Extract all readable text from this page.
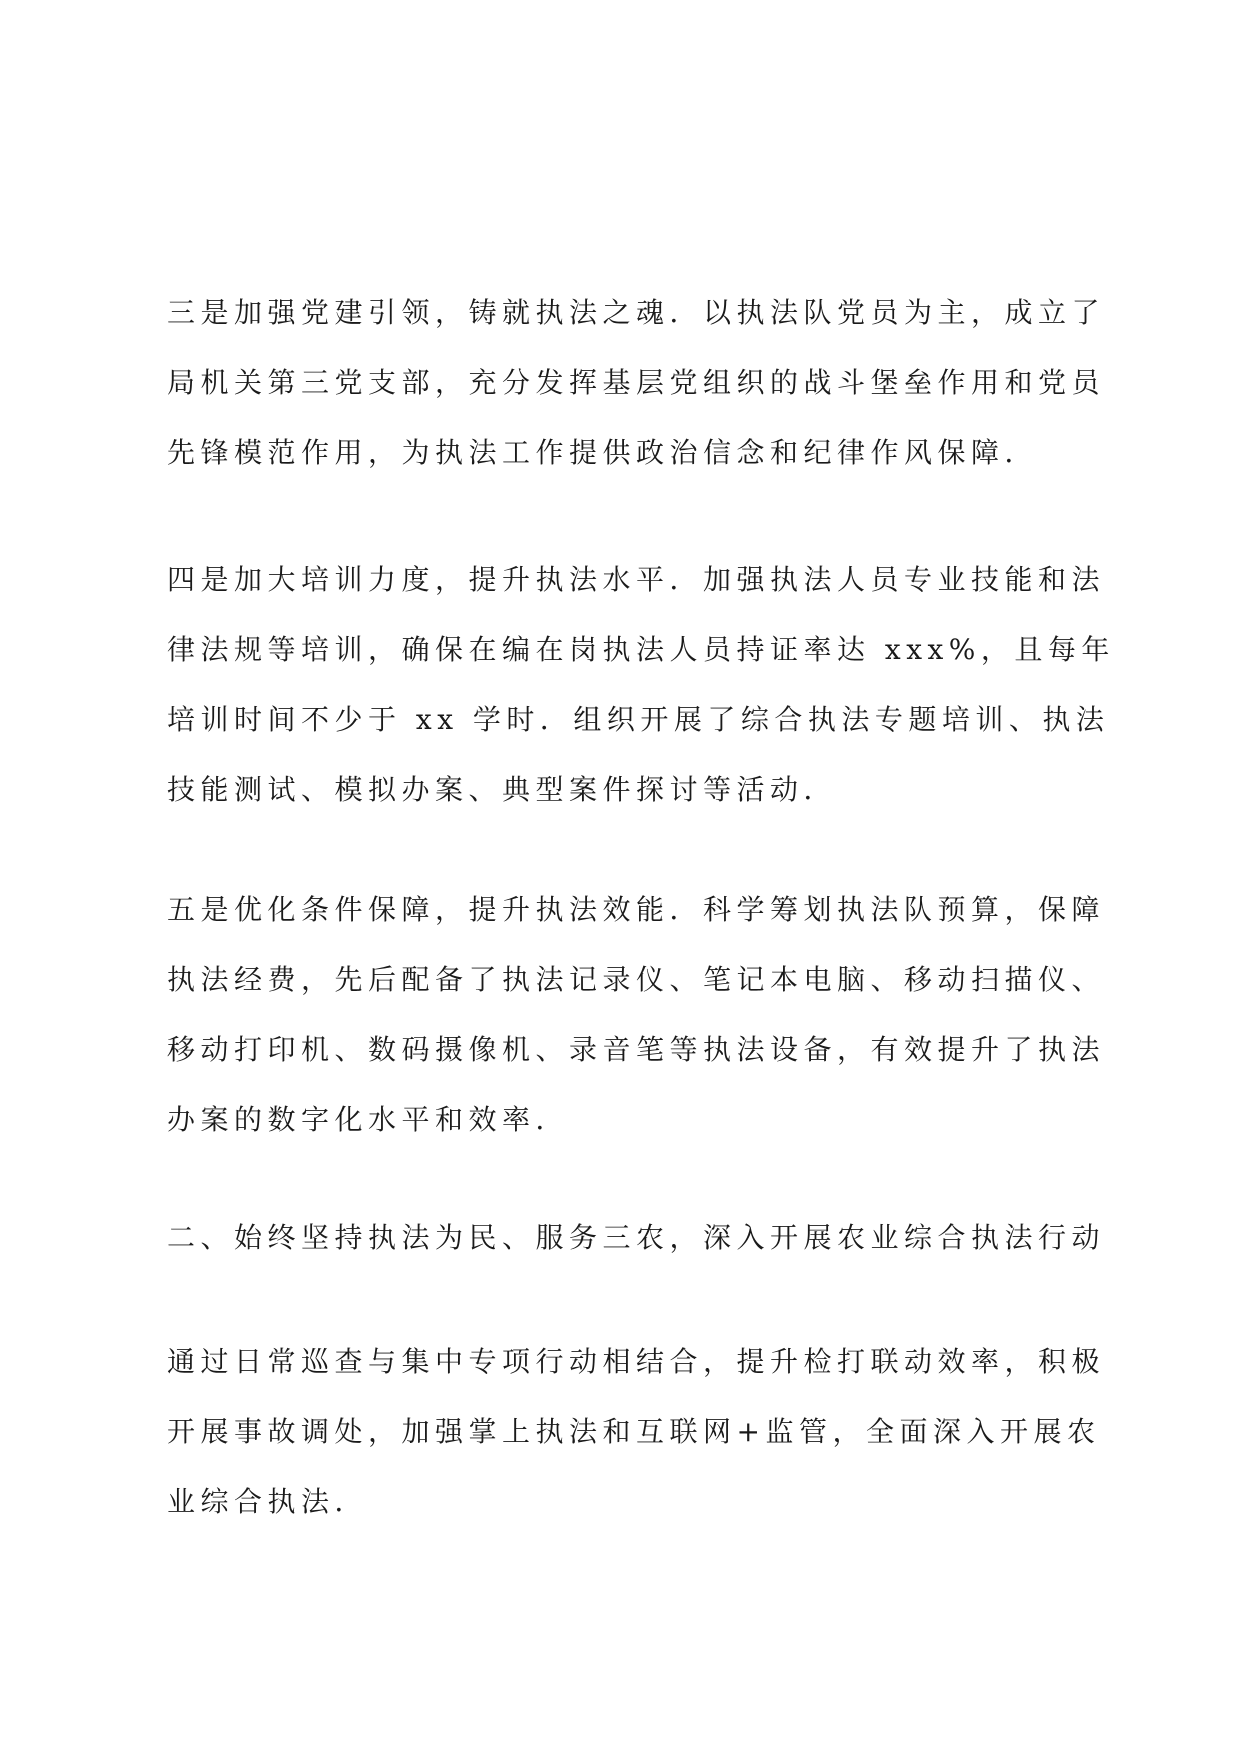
三是加强党建引领，铸就执法之魂．以执法队党员为主，成立了
局机关第三党支部，充分发挥基层党组织的战斗堡垒作用和党员
先锋模范作用，为执法工作提供政治信念和纪律作风保障．
四是加大培训力度，提升执法水平．加强执法人员专业技能和法
律法规等培训，确保在编在岗执法人员持证率达 xxx%，且每年
培训时间不少于 xx 学时．组织开展了综合执法专题培训、执法
技能测试、模拟办案、典型案件探讨等活动．
五是优化条件保障，提升执法效能．科学筹划执法队预算，保障
执法经费，先后配备了执法记录仪、笔记本电脑、移动扫描仪、
移动打印机、数码摄像机、录音笔等执法设备，有效提升了执法
办案的数字化水平和效率．
二、始终坚持执法为民、服务三农，深入开展农业综合执法行动
通过日常巡查与集中专项行动相结合，提升检打联动效率，积极
开展事故调处，加强掌上执法和互联网+监管，全面深入开展农
业综合执法．
